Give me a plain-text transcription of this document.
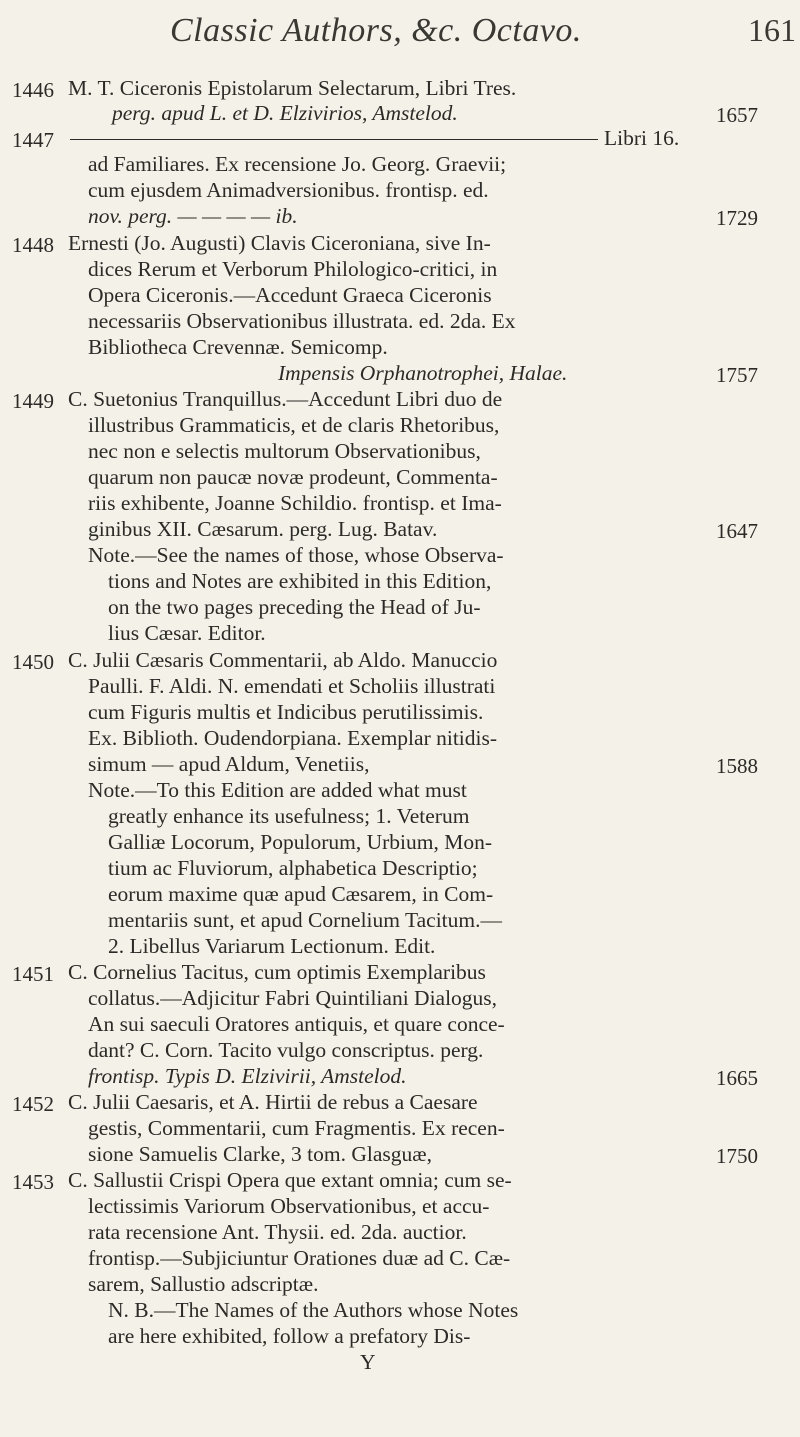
Classic Authors, &c. Octavo.	161
1446 M. T. Ciceronis Epistolarum Selectarum, Libri Tres.
perg. apud L. et D. Elzivirios, Amstelod.	1657
1447	Libri 16.
ad Familiares. Ex recensione Jo. Georg. Graevii;
cum ejusdem Animadversionibus. frontisp. ed.
nov. perg. — — — — ib.	1729
1448 Ernesti (Jo. Augusti) Clavis Ciceroniana, sive In-
dices Rerum et Verborum Philologico-critici, in
Opera Ciceronis.—Accedunt Graeca Ciceronis
necessariis Observationibus illustrata. ed. 2da. Ex
Bibliotheca Crevennæ. Semicomp.
Impensis Orphanotrophei, Halae.	1757
1449 C. Suetonius Tranquillus.—Accedunt Libri duo de
illustribus Grammaticis, et de claris Rhetoribus,
nec non e selectis multorum Observationibus,
quarum non paucæ novæ prodeunt, Commenta-
riis exhibente, Joanne Schildio. frontisp. et Ima-
ginibus XII. Cæsarum. perg. Lug. Batav.	1647
Note.—See the names of those, whose Observa-
tions and Notes are exhibited in this Edition,
on the two pages preceding the Head of Ju-
lius Cæsar. Editor.
1450 C. Julii Cæsaris Commentarii, ab Aldo. Manuccio
Paulli. F. Aldi. N. emendati et Scholiis illustrati
cum Figuris multis et Indicibus perutilissimis.
Ex. Biblioth. Oudendorpiana. Exemplar nitidis-
simum — apud Aldum, Venetiis,	1588
Note.—To this Edition are added what must
greatly enhance its usefulness; 1. Veterum
Galliæ Locorum, Populorum, Urbium, Mon-
tium ac Fluviorum, alphabetica Descriptio;
eorum maxime quæ apud Cæsarem, in Com-
mentariis sunt, et apud Cornelium Tacitum.—
2. Libellus Variarum Lectionum. Edit.
1451 C. Cornelius Tacitus, cum optimis Exemplaribus
collatus.—Adjicitur Fabri Quintiliani Dialogus,
An sui saeculi Oratores antiquis, et quare conce-
dant? C. Corn. Tacito vulgo conscriptus. perg.
frontisp. Typis D. Elzivirii, Amstelod.	1665
1452 C. Julii Caesaris, et A. Hirtii de rebus a Caesare
gestis, Commentarii, cum Fragmentis. Ex recen-
sione Samuelis Clarke, 3 tom. Glasguæ,	1750
1453 C. Sallustii Crispi Opera que extant omnia; cum se-
lectissimis Variorum Observationibus, et accu-
rata recensione Ant. Thysii. ed. 2da. auctior.
frontisp.—Subjiciuntur Orationes duæ ad C. Cæ-
sarem, Sallustio adscriptæ.
N. B.—The Names of the Authors whose Notes
are here exhibited, follow a prefatory Dis-
Y
